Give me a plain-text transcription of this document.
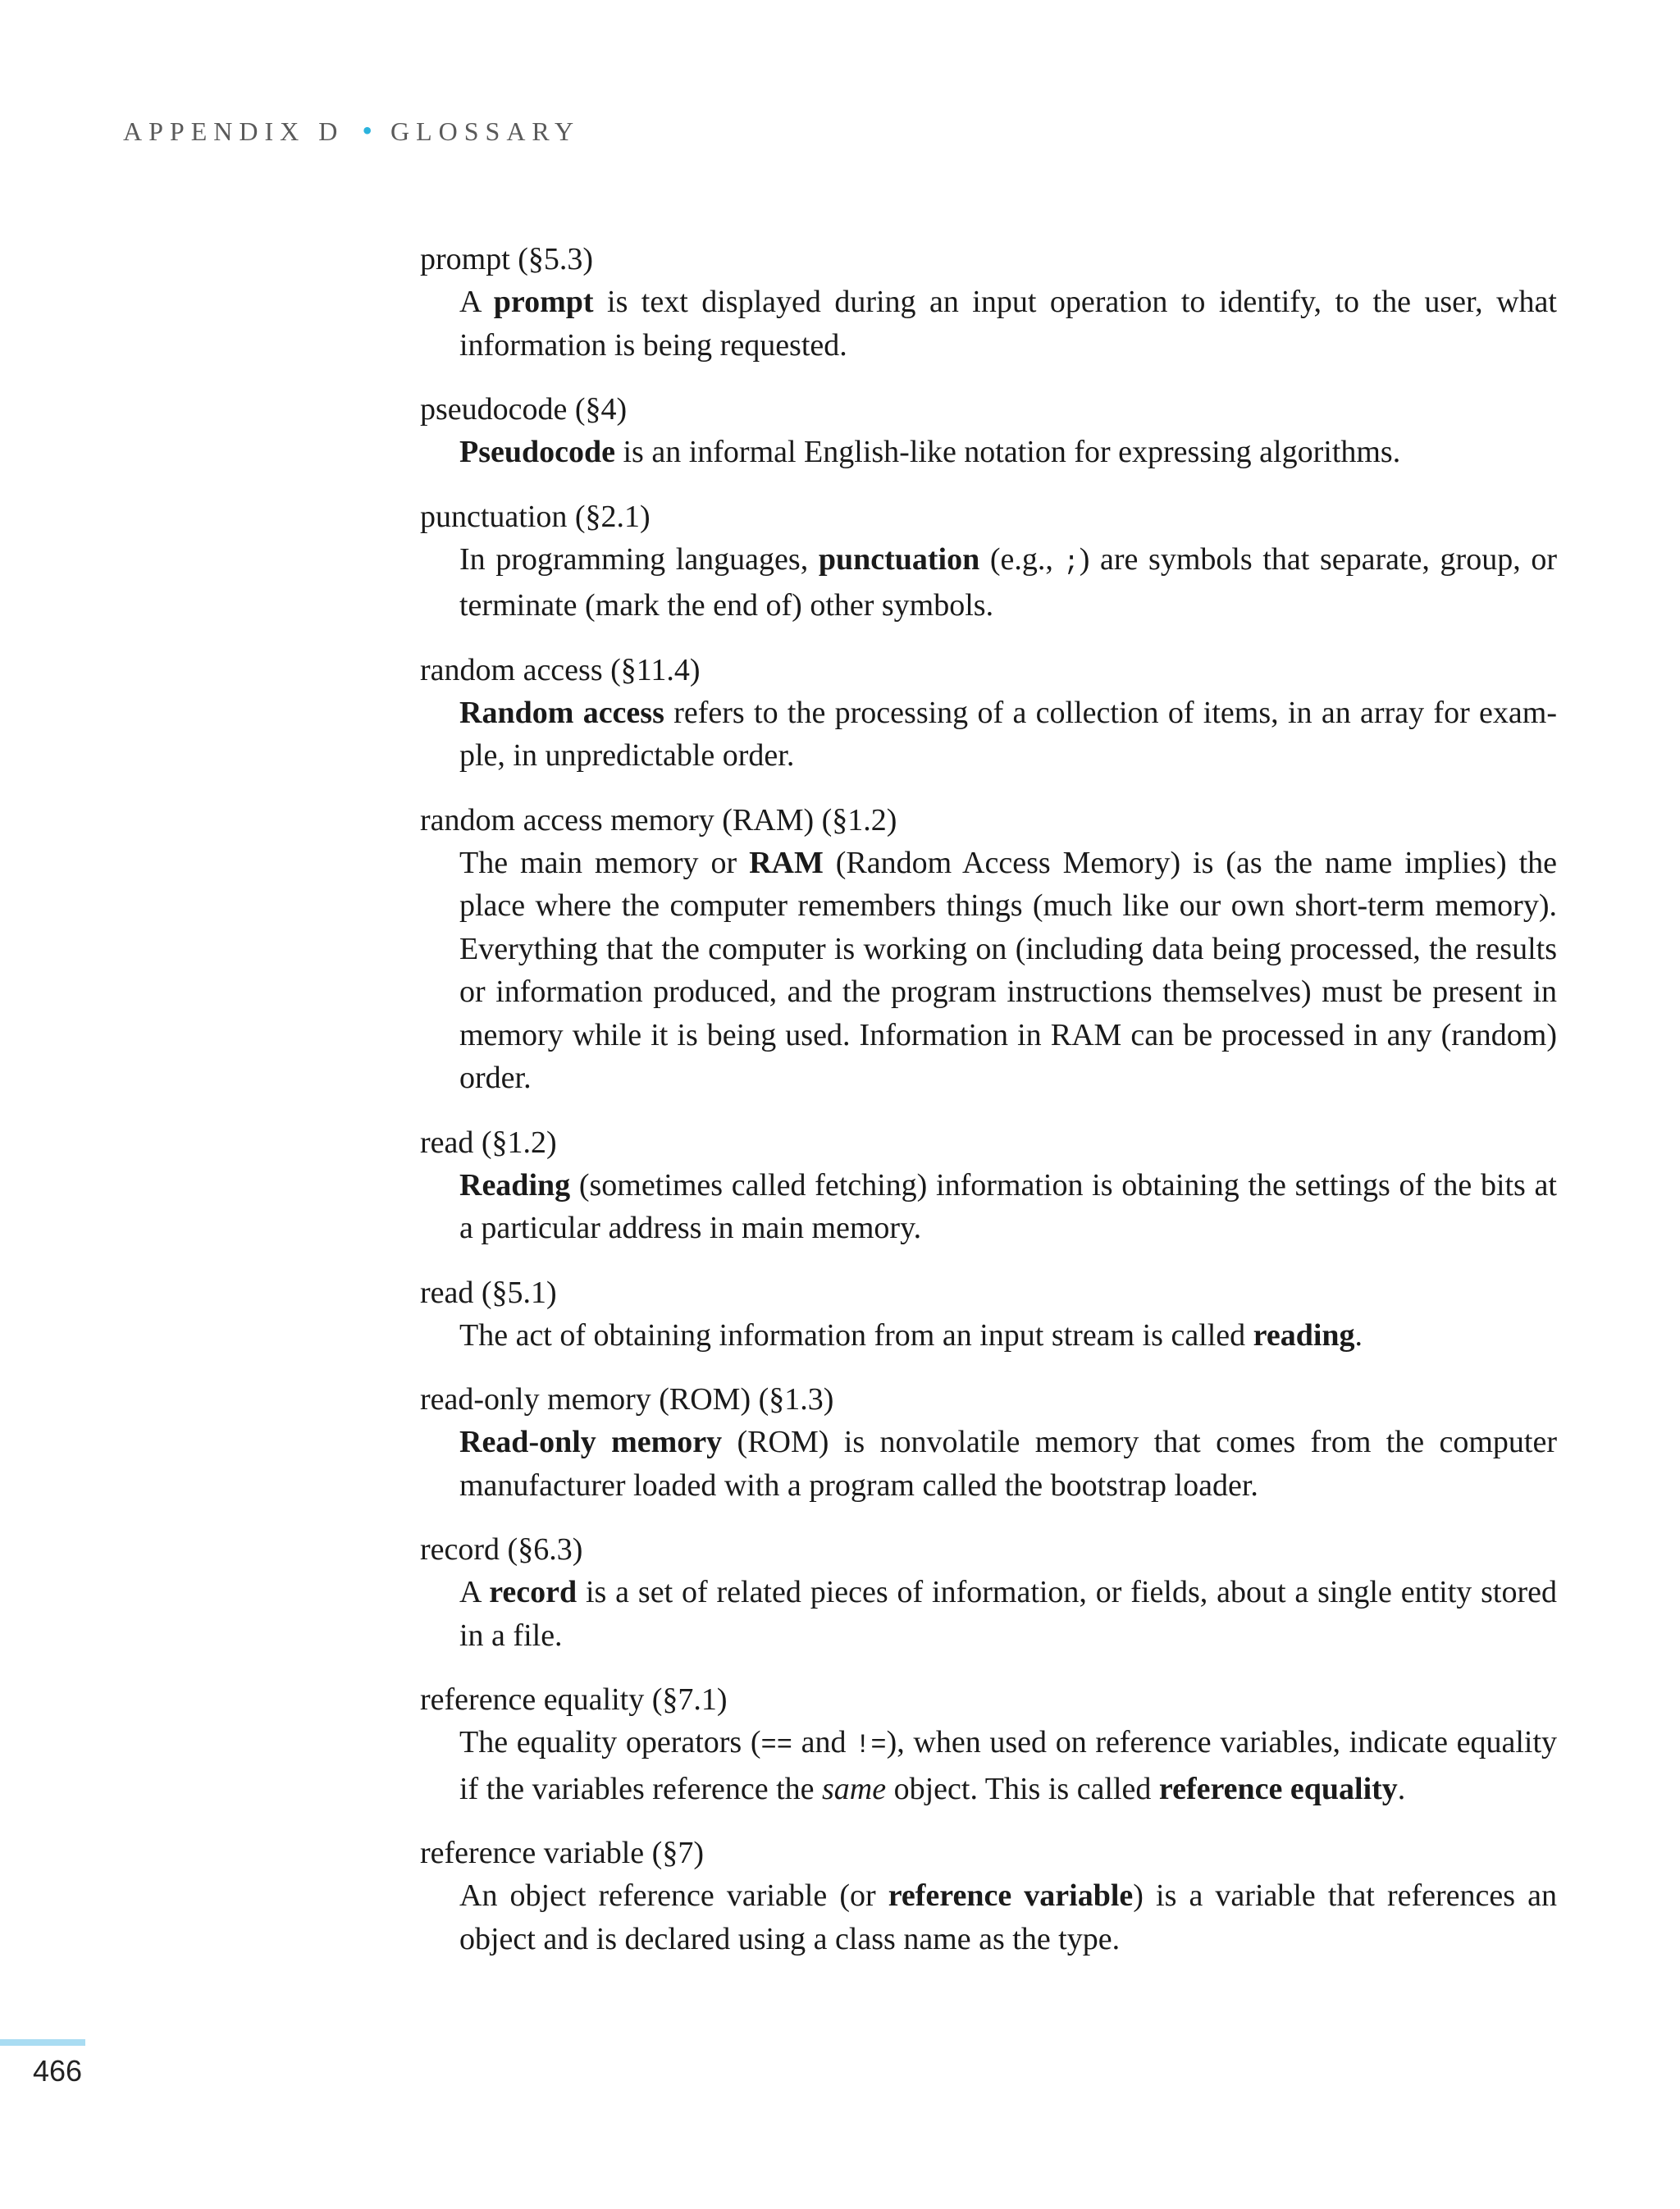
APPENDIX D • GLOSSARY
prompt (§5.3)
A prompt is text displayed during an input operation to identify, to the user, what information is being requested.
pseudocode (§4)
Pseudocode is an informal English-like notation for expressing algorithms.
punctuation (§2.1)
In programming languages, punctuation (e.g., ;) are symbols that separate, group, or terminate (mark the end of) other symbols.
random access (§11.4)
Random access refers to the processing of a collection of items, in an array for example, in unpredictable order.
random access memory (RAM) (§1.2)
The main memory or RAM (Random Access Memory) is (as the name implies) the place where the computer remembers things (much like our own short-term memory). Everything that the computer is working on (including data being processed, the results or information produced, and the program instructions themselves) must be present in memory while it is being used. Information in RAM can be processed in any (random) order.
read (§1.2)
Reading (sometimes called fetching) information is obtaining the settings of the bits at a particular address in main memory.
read (§5.1)
The act of obtaining information from an input stream is called reading.
read-only memory (ROM) (§1.3)
Read-only memory (ROM) is nonvolatile memory that comes from the computer manufacturer loaded with a program called the bootstrap loader.
record (§6.3)
A record is a set of related pieces of information, or fields, about a single entity stored in a file.
reference equality (§7.1)
The equality operators (== and !=), when used on reference variables, indicate equality if the variables reference the same object. This is called reference equality.
reference variable (§7)
An object reference variable (or reference variable) is a variable that references an object and is declared using a class name as the type.
466
